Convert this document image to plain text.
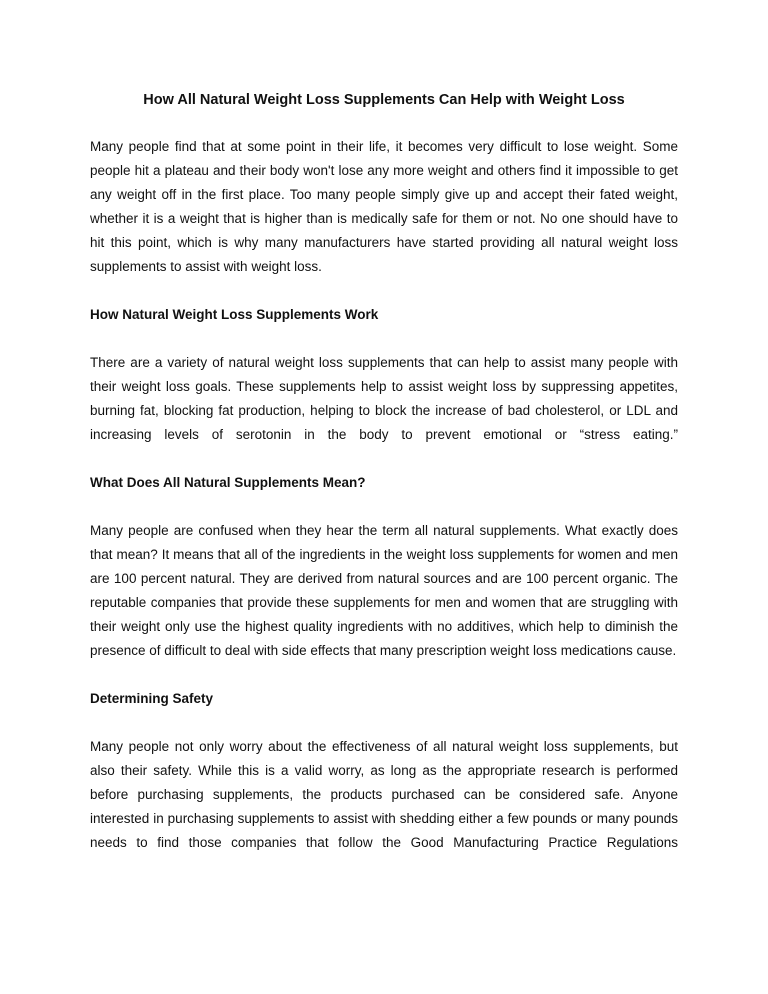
How All Natural Weight Loss Supplements Can Help with Weight Loss

Many people find that at some point in their life, it becomes very difficult to lose weight. Some people hit a plateau and their body won't lose any more weight and others find it impossible to get any weight off in the first place. Too many people simply give up and accept their fated weight, whether it is a weight that is higher than is medically safe for them or not. No one should have to hit this point, which is why many manufacturers have started providing all natural weight loss supplements to assist with weight loss.

How Natural Weight Loss Supplements Work

There are a variety of natural weight loss supplements that can help to assist many people with their weight loss goals. These supplements help to assist weight loss by suppressing appetites, burning fat, blocking fat production, helping to block the increase of bad cholesterol, or LDL and increasing levels of serotonin in the body to prevent emotional or “stress eating.”

What Does All Natural Supplements Mean?

Many people are confused when they hear the term all natural supplements. What exactly does that mean? It means that all of the ingredients in the weight loss supplements for women and men are 100 percent natural. They are derived from natural sources and are 100 percent organic. The reputable companies that provide these supplements for men and women that are struggling with their weight only use the highest quality ingredients with no additives, which help to diminish the presence of difficult to deal with side effects that many prescription weight loss medications cause.

Determining Safety

Many people not only worry about the effectiveness of all natural weight loss supplements, but also their safety. While this is a valid worry, as long as the appropriate research is performed before purchasing supplements, the products purchased can be considered safe. Anyone interested in purchasing supplements to assist with shedding either a few pounds or many pounds needs to find those companies that follow the Good Manufacturing Practice Regulations
